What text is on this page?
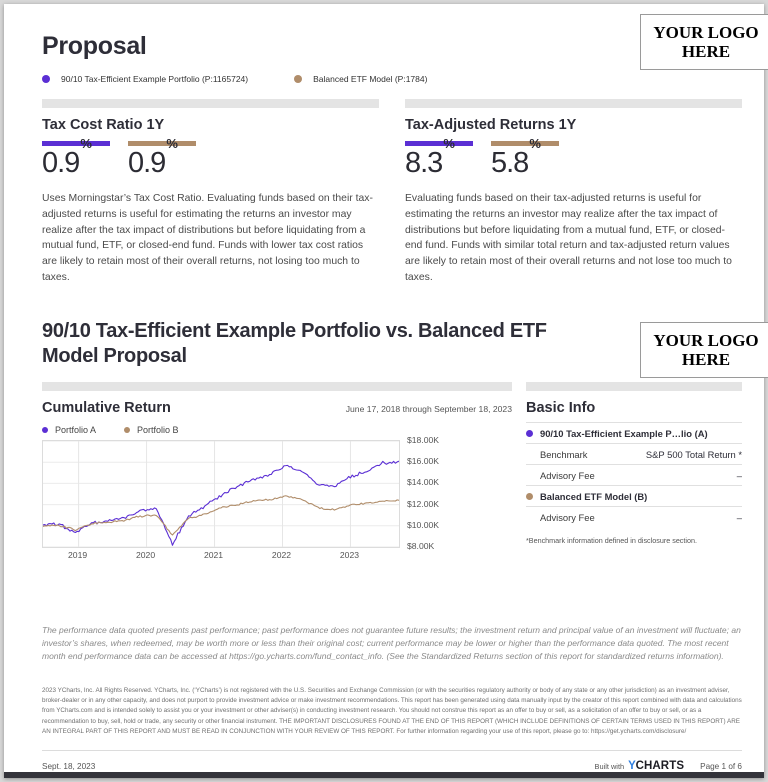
YOUR LOGO
HERE
Proposal
90/10 Tax-Efficient Example Portfolio (P:1165724)	Balanced ETF Model (P:1784)
Tax Cost Ratio 1Y
0.9%
0.9%
Uses Morningstar’s Tax Cost Ratio. Evaluating funds based on their tax-adjusted returns is useful for estimating the returns an investor may realize after the tax impact of distributions but before liquidating from a mutual fund, ETF, or closed-end fund. Funds with lower tax cost ratios are likely to retain most of their overall returns, not losing too much to taxes.
Tax-Adjusted Returns 1Y
8.3%
5.8%
Evaluating funds based on their tax-adjusted returns is useful for estimating the returns an investor may realize after the tax impact of distributions but before liquidating from a mutual fund, ETF, or closed-end fund. Funds with similar total return and tax-adjusted return values are likely to retain most of their overall returns and not lose too much to taxes.
YOUR LOGO
HERE
90/10 Tax-Efficient Example Portfolio vs. Balanced ETF Model Proposal
Cumulative Return	June 17, 2018 through September 18, 2023
Portfolio A	Portfolio B
$18.00K
$16.00K
$14.00K
$12.00K
$10.00K
$8.00K
2019	2020	2021	2022	2023
Basic Info
90/10 Tax-Efficient Example P…lio (A)
Benchmark	S&P 500 Total Return *
Advisory Fee	–
Balanced ETF Model (B)
Advisory Fee	–
*Benchmark information defined in disclosure section.
The performance data quoted presents past performance; past performance does not guarantee future results; the investment return and principal value of an investment will fluctuate; an investor’s shares, when redeemed, may be worth more or less than their original cost; current performance may be lower or higher than the performance data quoted. The most recent month end performance data can be accessed at https://go.ycharts.com/fund_contact_info. (See the Standardized Returns section of this report for standardized returns information).
2023 YCharts, Inc. All Rights Reserved. YCharts, Inc. (‘YCharts’) is not registered with the U.S. Securities and Exchange Commission (or with the securities regulatory authority or body of any state or any other jurisdiction) as an investment adviser, broker-dealer or in any other capacity, and does not purport to provide investment advice or make investment recommendations. This report has been generated using data manually input by the creator of this report combined with data and calculations from YCharts.com and is intended solely to assist you or your investment or other adviser(s) in conducting investment research. You should not construe this report as an offer to buy or sell, as a solicitation of an offer to buy or sell, or as a recommendation to buy, sell, hold or trade, any security or other financial instrument. THE IMPORTANT DISCLOSURES FOUND AT THE END OF THIS REPORT (WHICH INCLUDE DEFINITIONS OF CERTAIN TERMS USED IN THIS REPORT) ARE AN INTEGRAL PART OF THIS REPORT AND MUST BE READ IN CONJUNCTION WITH YOUR REVIEW OF THIS REPORT. For further information regarding your use of this report, please go to: https://get.ycharts.com/disclosure/
Sept. 18, 2023	Built with Y CHARTS Page 1 of 6
